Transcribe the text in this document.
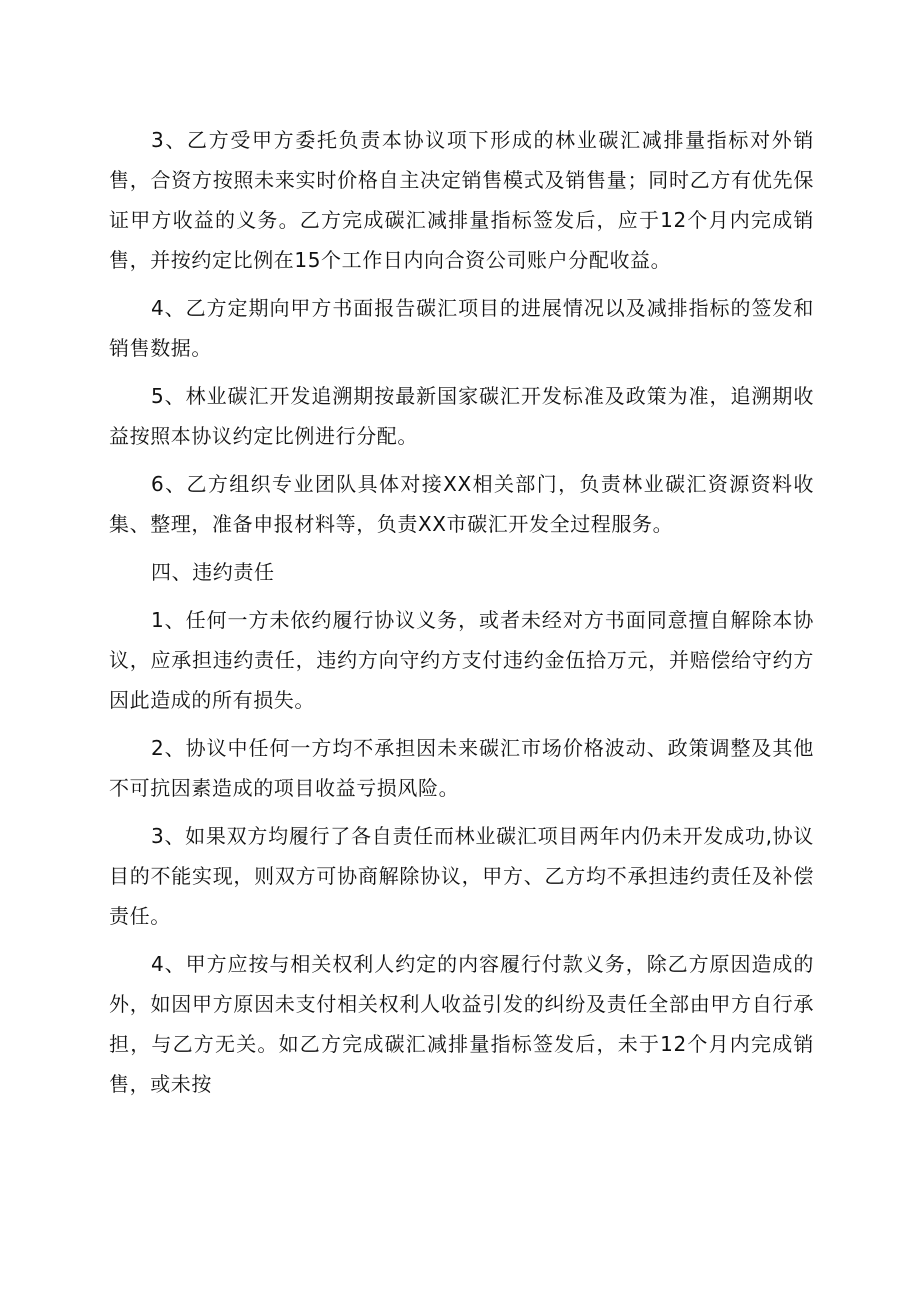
3、乙方受甲方委托负责本协议项下形成的林业碳汇减排量指标对外销售，合资方按照未来实时价格自主决定销售模式及销售量；同时乙方有优先保证甲方收益的义务。乙方完成碳汇减排量指标签发后，应于12个月内完成销售，并按约定比例在15个工作日内向合资公司账户分配收益。

4、乙方定期向甲方书面报告碳汇项目的进展情况以及减排指标的签发和销售数据。

5、林业碳汇开发追溯期按最新国家碳汇开发标准及政策为准，追溯期收益按照本协议约定比例进行分配。

6、乙方组织专业团队具体对接XX相关部门，负责林业碳汇资源资料收集、整理，准备申报材料等，负责XX市碳汇开发全过程服务。

四、违约责任

1、任何一方未依约履行协议义务，或者未经对方书面同意擅自解除本协议，应承担违约责任，违约方向守约方支付违约金伍拾万元，并赔偿给守约方因此造成的所有损失。

2、协议中任何一方均不承担因未来碳汇市场价格波动、政策调整及其他不可抗因素造成的项目收益亏损风险。

3、如果双方均履行了各自责任而林业碳汇项目两年内仍未开发成功,协议目的不能实现，则双方可协商解除协议，甲方、乙方均不承担违约责任及补偿责任。

4、甲方应按与相关权利人约定的内容履行付款义务，除乙方原因造成的外，如因甲方原因未支付相关权利人收益引发的纠纷及责任全部由甲方自行承担，与乙方无关。如乙方完成碳汇减排量指标签发后，未于12个月内完成销售，或未按
